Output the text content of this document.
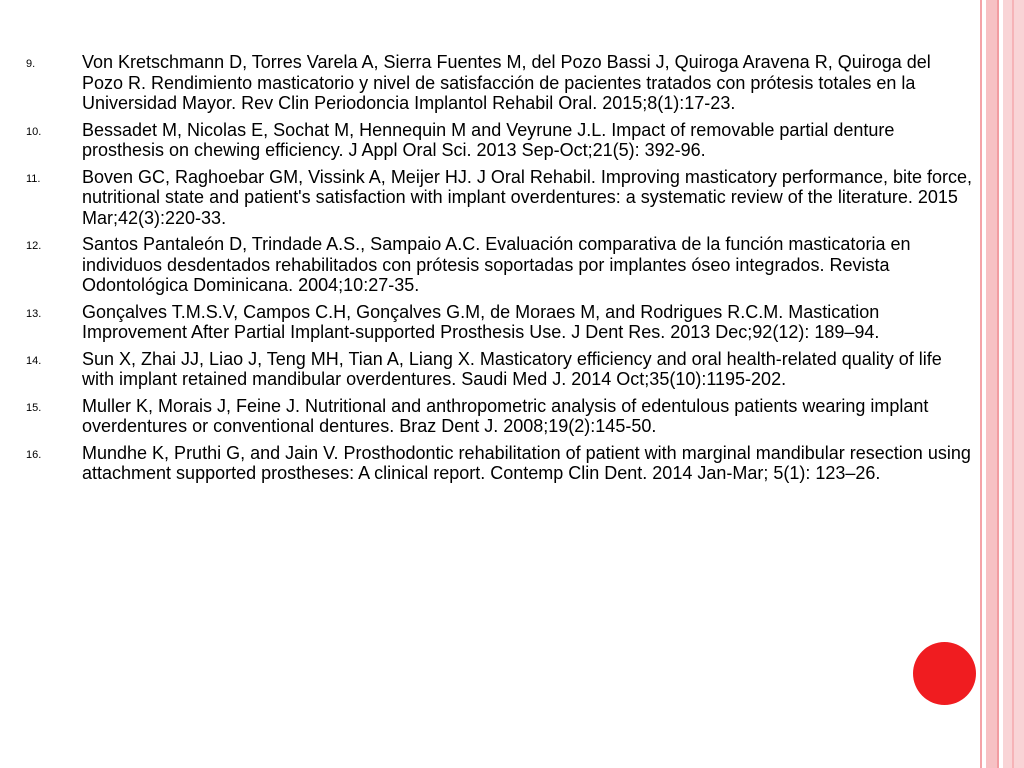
9.	Von Kretschmann D, Torres Varela A, Sierra Fuentes M, del Pozo Bassi J, Quiroga Aravena R, Quiroga del Pozo R. Rendimiento masticatorio y nivel de satisfacción de pacientes tratados con prótesis totales en la Universidad Mayor. Rev Clin Periodoncia Implantol Rehabil Oral. 2015;8(1):17-23.
10. Bessadet M, Nicolas E, Sochat M, Hennequin M and Veyrune J.L. Impact of removable partial denture prosthesis on chewing efficiency. J Appl Oral Sci. 2013 Sep-Oct;21(5): 392-96.
11. Boven GC, Raghoebar GM, Vissink A, Meijer HJ. J Oral Rehabil. Improving masticatory performance, bite force, nutritional state and patient's satisfaction with implant overdentures: a systematic review of the literature. 2015 Mar;42(3):220-33.
12. Santos Pantaleón D, Trindade A.S., Sampaio A.C. Evaluación comparativa de la función masticatoria en individuos desdentados rehabilitados con prótesis soportadas por implantes óseo integrados. Revista Odontológica Dominicana. 2004;10:27-35.
13. Gonçalves T.M.S.V, Campos C.H, Gonçalves G.M, de Moraes M, and Rodrigues R.C.M. Mastication Improvement After Partial Implant-supported Prosthesis Use. J Dent Res. 2013 Dec;92(12): 189–94.
14. Sun X, Zhai JJ, Liao J, Teng MH, Tian A, Liang X. Masticatory efficiency and oral health-related quality of life with implant retained mandibular overdentures. Saudi Med J. 2014 Oct;35(10):1195-202.
15. Muller K, Morais J, Feine J. Nutritional and anthropometric analysis of edentulous patients wearing implant overdentures or conventional dentures. Braz Dent J. 2008;19(2):145-50.
16. Mundhe K, Pruthi G, and Jain V. Prosthodontic rehabilitation of patient with marginal mandibular resection using attachment supported prostheses: A clinical report. Contemp Clin Dent. 2014 Jan-Mar; 5(1): 123–26.
